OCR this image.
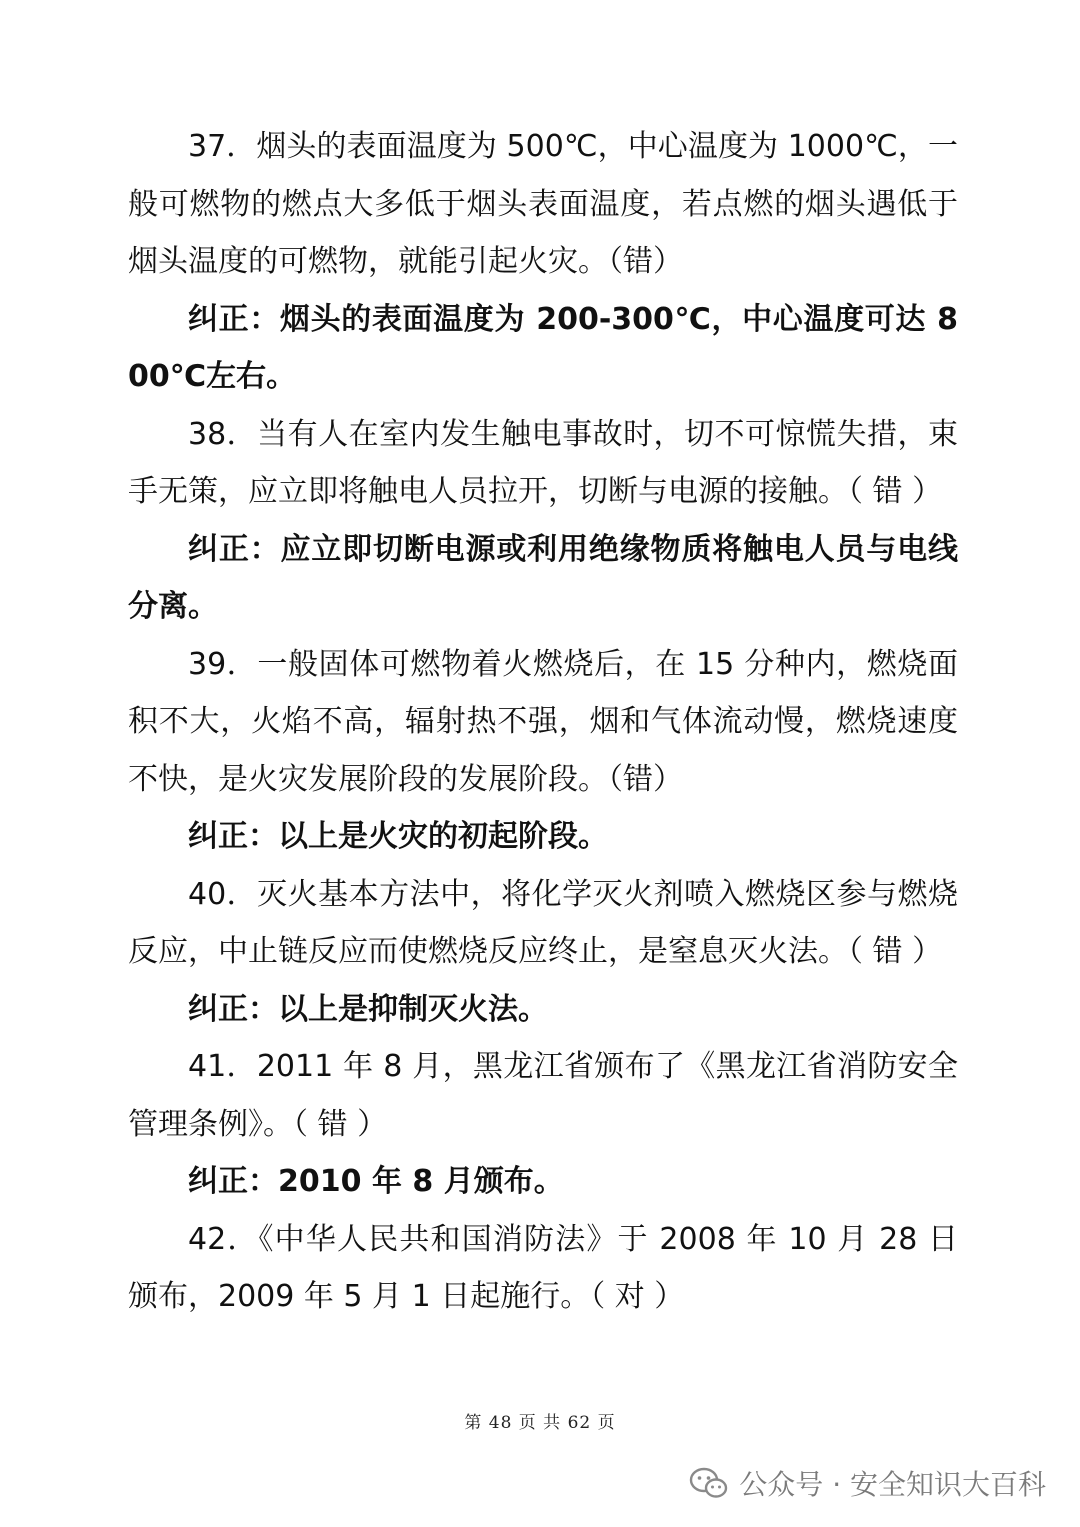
37．烟头的表面温度为 500℃，中心温度为 1000℃，一般可燃物的燃点大多低于烟头表面温度，若点燃的烟头遇低于烟头温度的可燃物，就能引起火灾。（错）

纠正：烟头的表面温度为 200-300℃，中心温度可达 800℃左右。

38．当有人在室内发生触电事故时，切不可惊慌失措，束手无策，应立即将触电人员拉开，切断与电源的接触。（ 错 ）

纠正：应立即切断电源或利用绝缘物质将触电人员与电线分离。

39．一般固体可燃物着火燃烧后，在 15 分种内，燃烧面积不大，火焰不高，辐射热不强，烟和气体流动慢，燃烧速度不快，是火灾发展阶段的发展阶段。（错）

纠正：以上是火灾的初起阶段。

40．灭火基本方法中，将化学灭火剂喷入燃烧区参与燃烧反应，中止链反应而使燃烧反应终止，是窒息灭火法。（ 错 ）

纠正：以上是抑制灭火法。

41．2011 年 8 月，黑龙江省颁布了《黑龙江省消防安全管理条例》。（ 错 ）

纠正：2010 年 8 月颁布。

42．《中华人民共和国消防法》于 2008 年 10 月 28 日颁布，2009 年 5 月 1 日起施行。（ 对 ）

第 48 页 共 62 页
公众号 · 安全知识大百科
